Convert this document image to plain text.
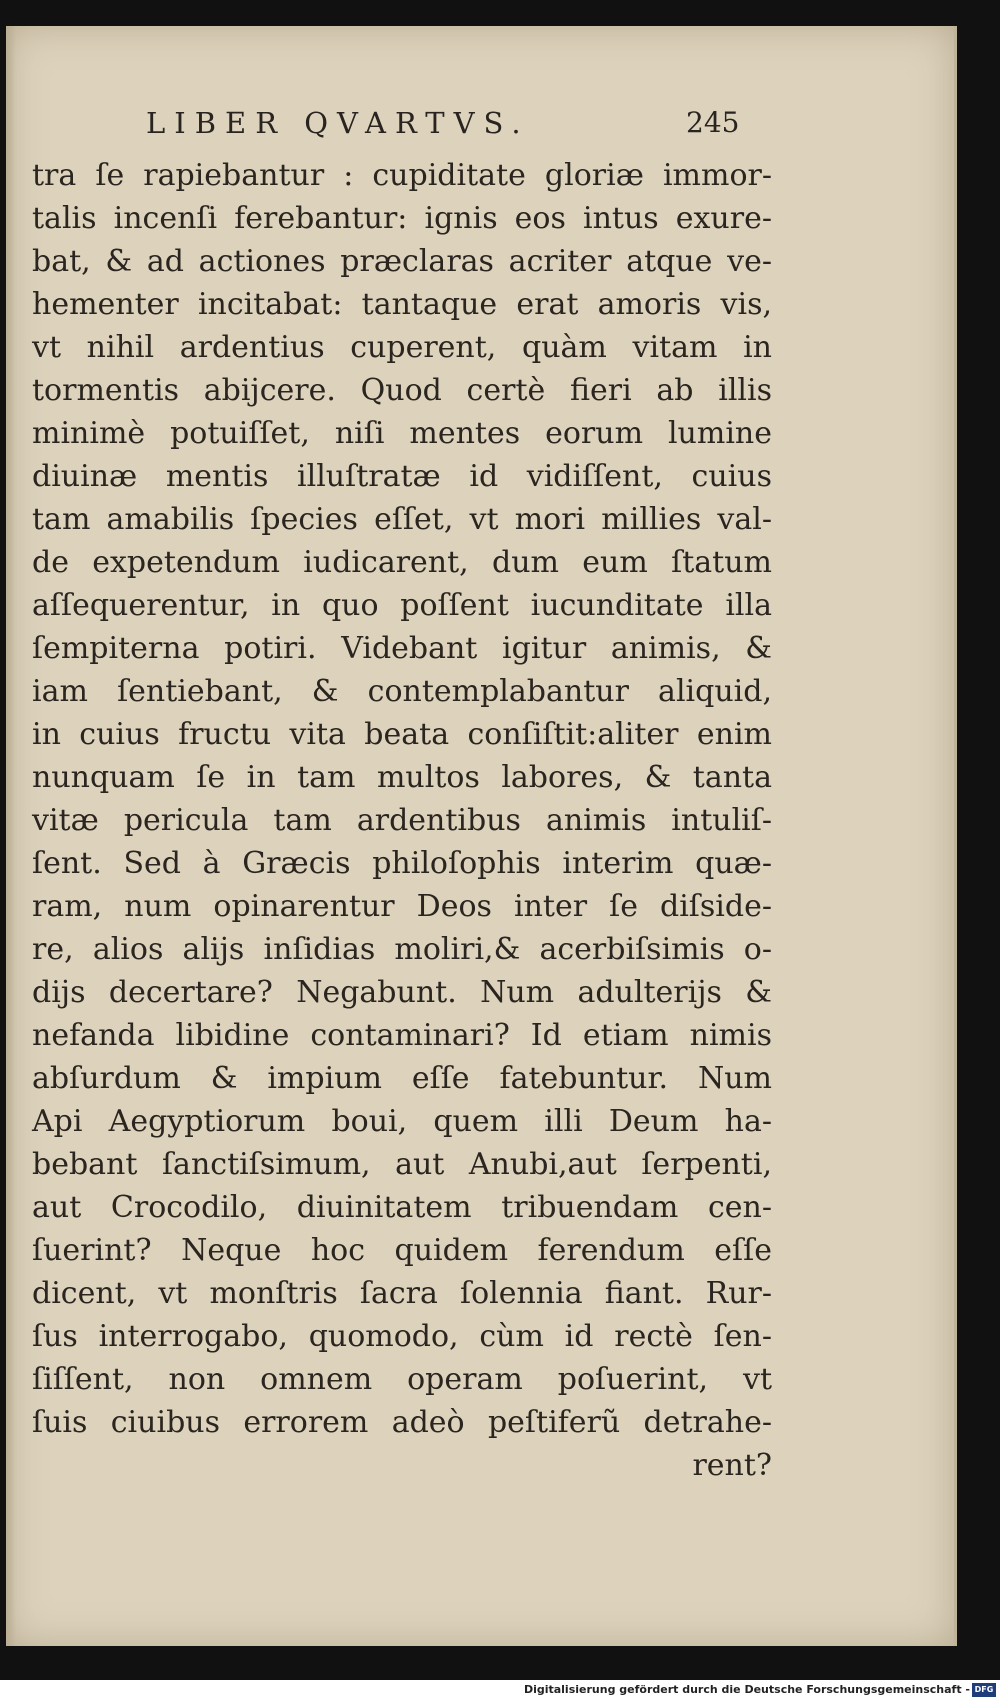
LIBER QVARTVS.	245
tra ſe rapiebantur : cupiditate gloriæ immor-
talis incenſi ferebantur: ignis eos intus exure-
bat, & ad actiones præclaras acriter atque ve-
hementer incitabat: tantaque erat amoris vis,
vt nihil ardentius cuperent, quàm vitam in
tormentis abijcere. Quod certè fieri ab illis
minimè potuiſſet, niſi mentes eorum lumine
diuinæ mentis illuſtratæ id vidiſſent, cuius
tam amabilis ſpecies eſſet, vt mori millies val-
de expetendum iudicarent, dum eum ſtatum
aſſequerentur, in quo poſſent iucunditate illa
ſempiterna potiri. Videbant igitur animis, &
iam ſentiebant, & contemplabantur aliquid,
in cuius fructu vita beata conſiſtit:aliter enim
nunquam ſe in tam multos labores, & tanta
vitæ pericula tam ardentibus animis intuliſ-
ſent. Sed à Græcis philoſophis interim quæ-
ram, num opinarentur Deos inter ſe diſside-
re, alios alijs inſidias moliri,& acerbiſsimis o-
dijs decertare? Negabunt. Num adulterijs &
nefanda libidine contaminari? Id etiam nimis
abſurdum & impium eſſe fatebuntur. Num
Api Aegyptiorum boui, quem illi Deum ha-
bebant ſanctiſsimum, aut Anubi,aut ſerpenti,
aut Crocodilo, diuinitatem tribuendam cen-
ſuerint? Neque hoc quidem ferendum eſſe
dicent, vt monſtris ſacra ſolennia fiant. Rur-
ſus interrogabo, quomodo, cùm id rectè ſen-
ſiſſent, non omnem operam poſuerint, vt
ſuis ciuibus errorem adeò peſtiferũ detrahe-
rent?
Digitalisierung gefördert durch die Deutsche Forschungsgemeinschaft - DFG
